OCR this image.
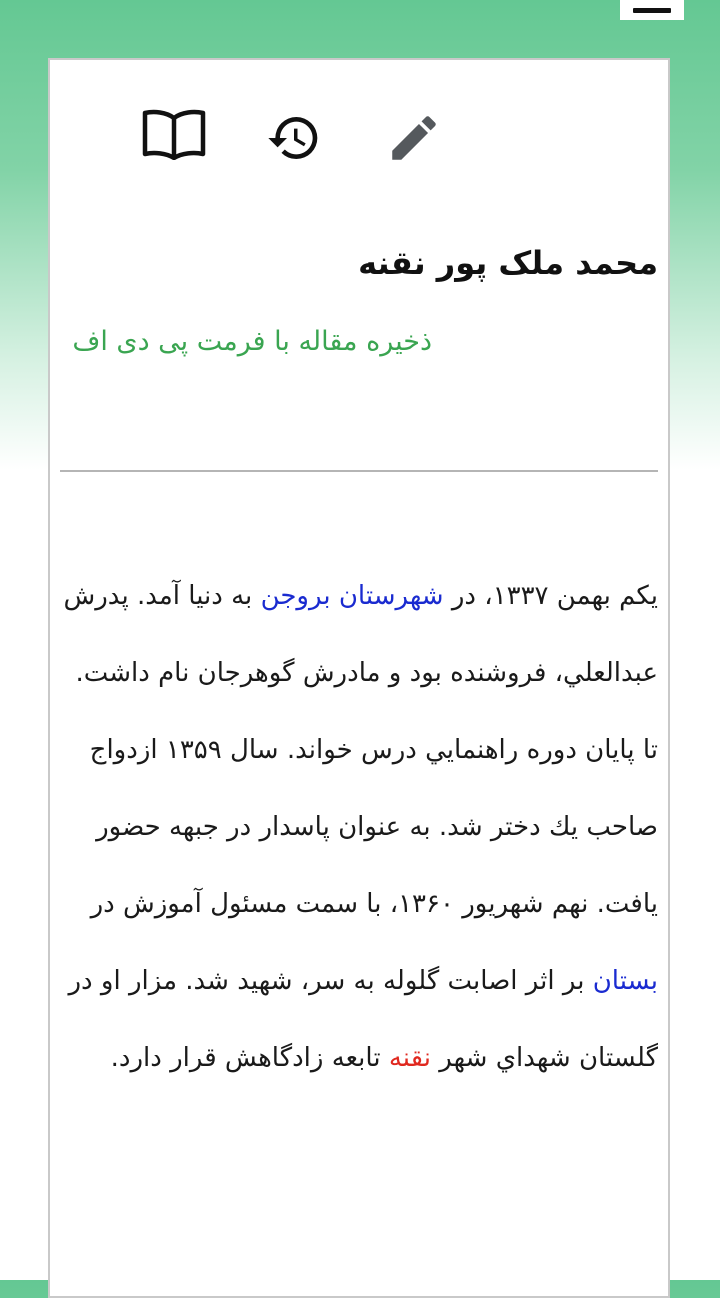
محمد ملک پور نقنه
ذخیره مقاله با فرمت پی دی اف

يکم بهمن ۱۳۳۷، در شهرستان بروجن به دنيا آمد. پدرش عبدالعلي، فروشنده بود و مادرش گوهرجان نام داشت. تا پايان دوره راهنمايي درس خواند. سال ۱۳۵۹ ازدواج صاحب يك دختر شد. به عنوان پاسدار در جبهه حضور يافت. نهم شهريور ۱۳۶۰، با سمت مسئول آموزش در بستان بر اثر اصابت گلوله به سر، شهيد شد. مزار او در گلستان شهداي شهر نقنه تابعه زادگاهش قرار دارد.
